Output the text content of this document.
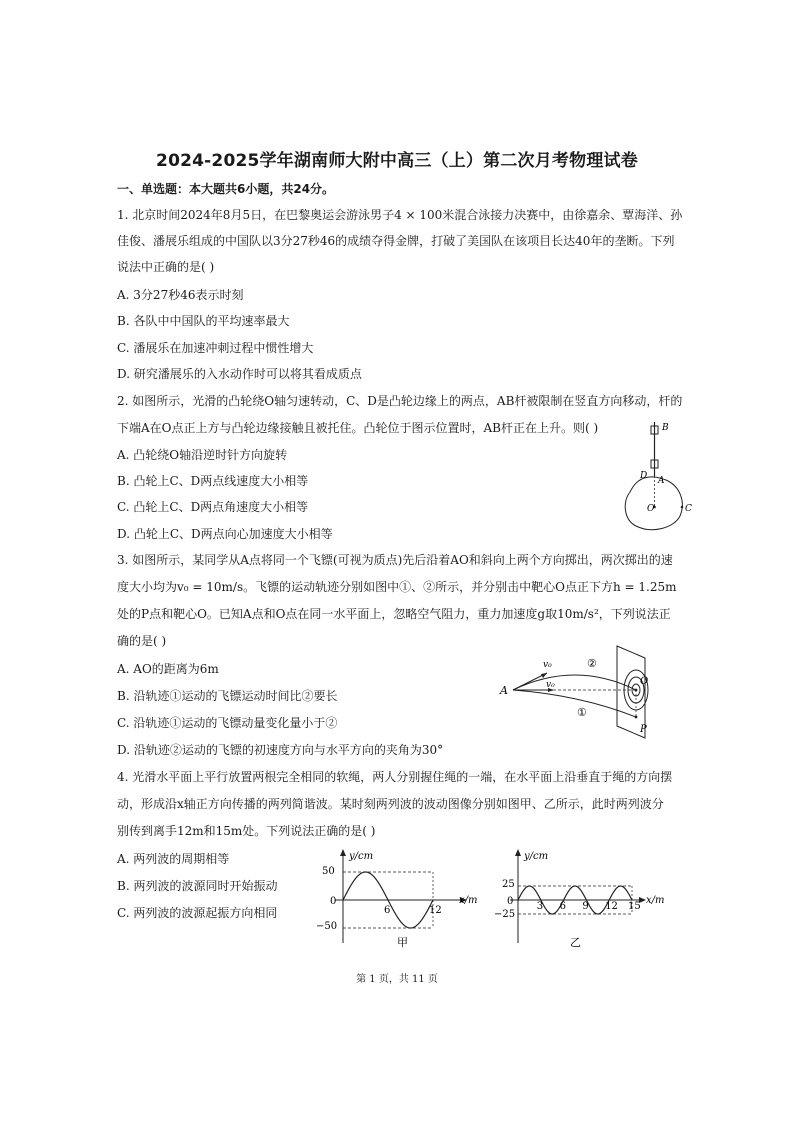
2024-2025学年湖南师大附中高三（上）第二次月考物理试卷
一、单选题：本大题共6小题，共24分。
1. 北京时间2024年8月5日，在巴黎奥运会游泳男子4 × 100米混合泳接力决赛中，由徐嘉余、覃海洋、孙
佳俊、潘展乐组成的中国队以3分27秒46的成绩夺得金牌，打破了美国队在该项目长达40年的垄断。下列
说法中正确的是( )
A. 3分27秒46表示时刻
B. 各队中中国队的平均速率最大
C. 潘展乐在加速冲刺过程中惯性增大
D. 研究潘展乐的入水动作时可以将其看成质点
2. 如图所示，光滑的凸轮绕O轴匀速转动，C、D是凸轮边缘上的两点，AB杆被限制在竖直方向移动，杆的
下端A在O点正上方与凸轮边缘接触且被托住。凸轮位于图示位置时，AB杆正在上升。则( )
A. 凸轮绕O轴沿逆时针方向旋转
B. 凸轮上C、D两点线速度大小相等
C. 凸轮上C、D两点角速度大小相等
D. 凸轮上C、D两点向心加速度大小相等
B
D A
O	C
3. 如图所示，某同学从A点将同一个飞镖(可视为质点)先后沿着AO和斜向上两个方向掷出，两次掷出的速
度大小均为v₀ = 10m/s。飞镖的运动轨迹分别如图中①、②所示，并分别击中靶心O点正下方h = 1.25m
处的P点和靶心O。已知A点和O点在同一水平面上，忽略空气阻力，重力加速度g取10m/s²，下列说法正
确的是( )
A. AO的距离为6m
B. 沿轨迹①运动的飞镖运动时间比②要长
C. 沿轨迹①运动的飞镖动量变化量小于②
D. 沿轨迹②运动的飞镖的初速度方向与水平方向的夹角为30°
A
v₀
v₀
②
①
O
P
4. 光滑水平面上平行放置两根完全相同的软绳，两人分别握住绳的一端，在水平面上沿垂直于绳的方向摆
动，形成沿x轴正方向传播的两列简谐波。某时刻两列波的波动图像分别如图甲、乙所示，此时两列波分
别传到离手12m和15m处。下列说法正确的是( )
A. 两列波的周期相等
B. 两列波的波源同时开始振动
C. 两列波的波源起振方向相同
y/cm
x/m
50
0
−50
6	12
甲
y/cm
x/m
25
0
−25
3 6 9 12 15
乙
第 1 页，共 11 页
